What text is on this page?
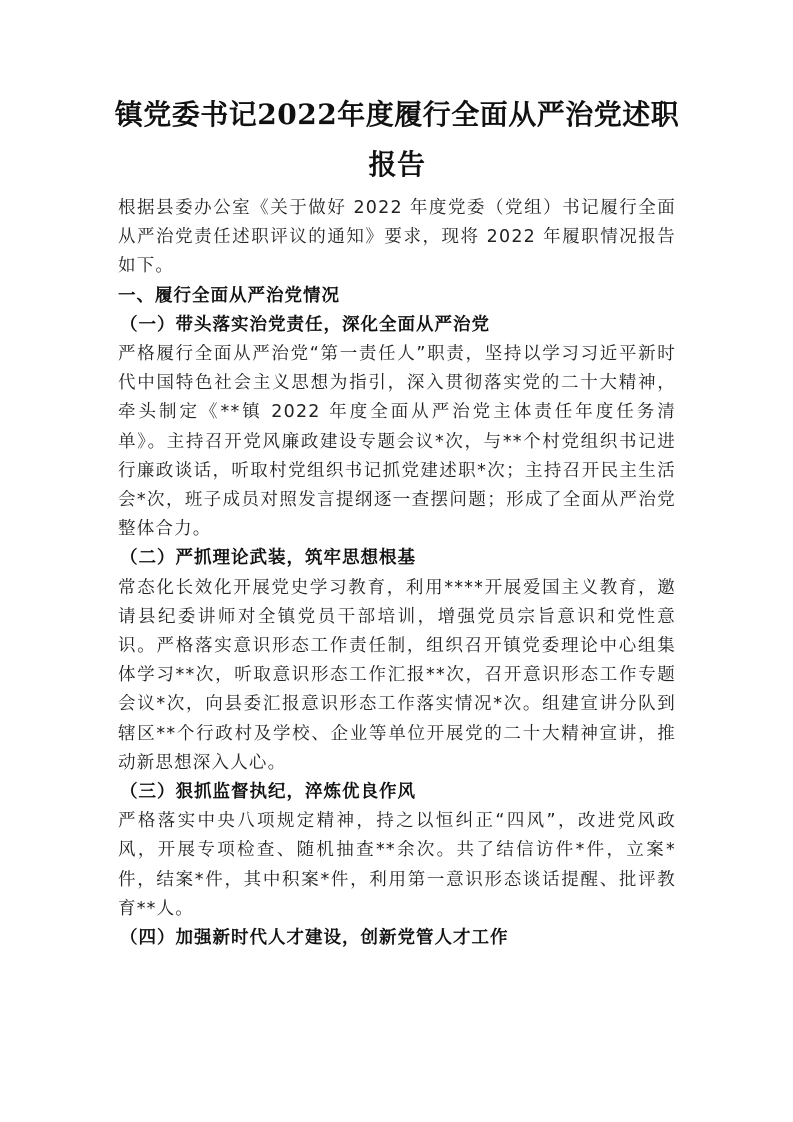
镇党委书记2022年度履行全面从严治党述职报告

根据县委办公室《关于做好 2022 年度党委（党组）书记履行全面从严治党责任述职评议的通知》要求，现将 2022 年履职情况报告如下。

一、履行全面从严治党情况

（一）带头落实治党责任，深化全面从严治党

严格履行全面从严治党“第一责任人”职责，坚持以学习习近平新时代中国特色社会主义思想为指引，深入贯彻落实党的二十大精神，牵头制定《**镇 2022 年度全面从严治党主体责任年度任务清单》。主持召开党风廉政建设专题会议*次，与**个村党组织书记进行廉政谈话，听取村党组织书记抓党建述职*次；主持召开民主生活会*次，班子成员对照发言提纲逐一查摆问题；形成了全面从严治党整体合力。

（二）严抓理论武装，筑牢思想根基

常态化长效化开展党史学习教育，利用****开展爱国主义教育，邀请县纪委讲师对全镇党员干部培训，增强党员宗旨意识和党性意识。严格落实意识形态工作责任制，组织召开镇党委理论中心组集体学习**次，听取意识形态工作汇报**次，召开意识形态工作专题会议*次，向县委汇报意识形态工作落实情况*次。组建宣讲分队到辖区**个行政村及学校、企业等单位开展党的二十大精神宣讲，推动新思想深入人心。

（三）狠抓监督执纪，淬炼优良作风

严格落实中央八项规定精神，持之以恒纠正“四风”，改进党风政风，开展专项检查、随机抽查**余次。共了结信访件*件，立案*件，结案*件，其中积案*件，利用第一意识形态谈话提醒、批评教育**人。

（四）加强新时代人才建设，创新党管人才工作
